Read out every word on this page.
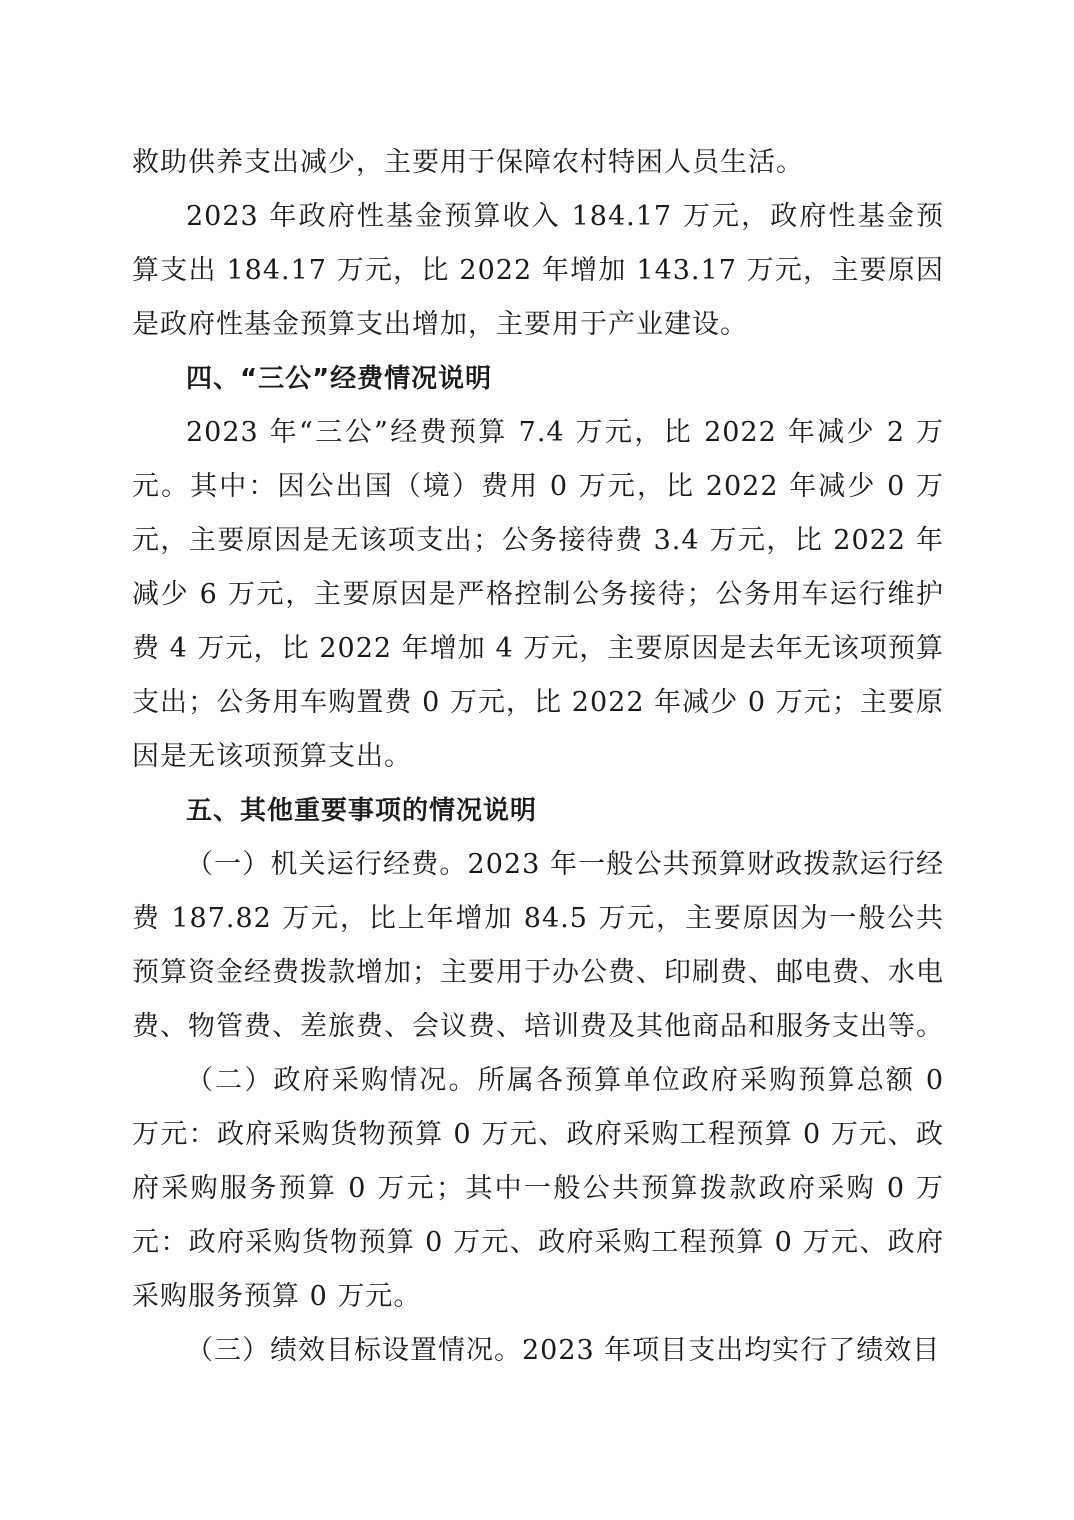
救助供养支出减少，主要用于保障农村特困人员生活。

2023 年政府性基金预算收入 184.17 万元，政府性基金预算支出 184.17 万元，比 2022 年增加 143.17 万元，主要原因是政府性基金预算支出增加，主要用于产业建设。

四、“三公”经费情况说明

2023 年“三公”经费预算 7.4 万元，比 2022 年减少 2 万元。其中：因公出国（境）费用 0 万元，比 2022 年减少 0 万元，主要原因是无该项支出；公务接待费 3.4 万元，比 2022 年减少 6 万元，主要原因是严格控制公务接待；公务用车运行维护费 4 万元，比 2022 年增加 4 万元，主要原因是去年无该项预算支出；公务用车购置费 0 万元，比 2022 年减少 0 万元；主要原因是无该项预算支出。

五、其他重要事项的情况说明

（一）机关运行经费。2023 年一般公共预算财政拨款运行经费 187.82 万元，比上年增加 84.5 万元，主要原因为一般公共预算资金经费拨款增加；主要用于办公费、印刷费、邮电费、水电费、物管费、差旅费、会议费、培训费及其他商品和服务支出等。

（二）政府采购情况。所属各预算单位政府采购预算总额 0 万元：政府采购货物预算 0 万元、政府采购工程预算 0 万元、政府采购服务预算 0 万元；其中一般公共预算拨款政府采购 0 万元：政府采购货物预算 0 万元、政府采购工程预算 0 万元、政府采购服务预算 0 万元。

（三）绩效目标设置情况。2023 年项目支出均实行了绩效目
